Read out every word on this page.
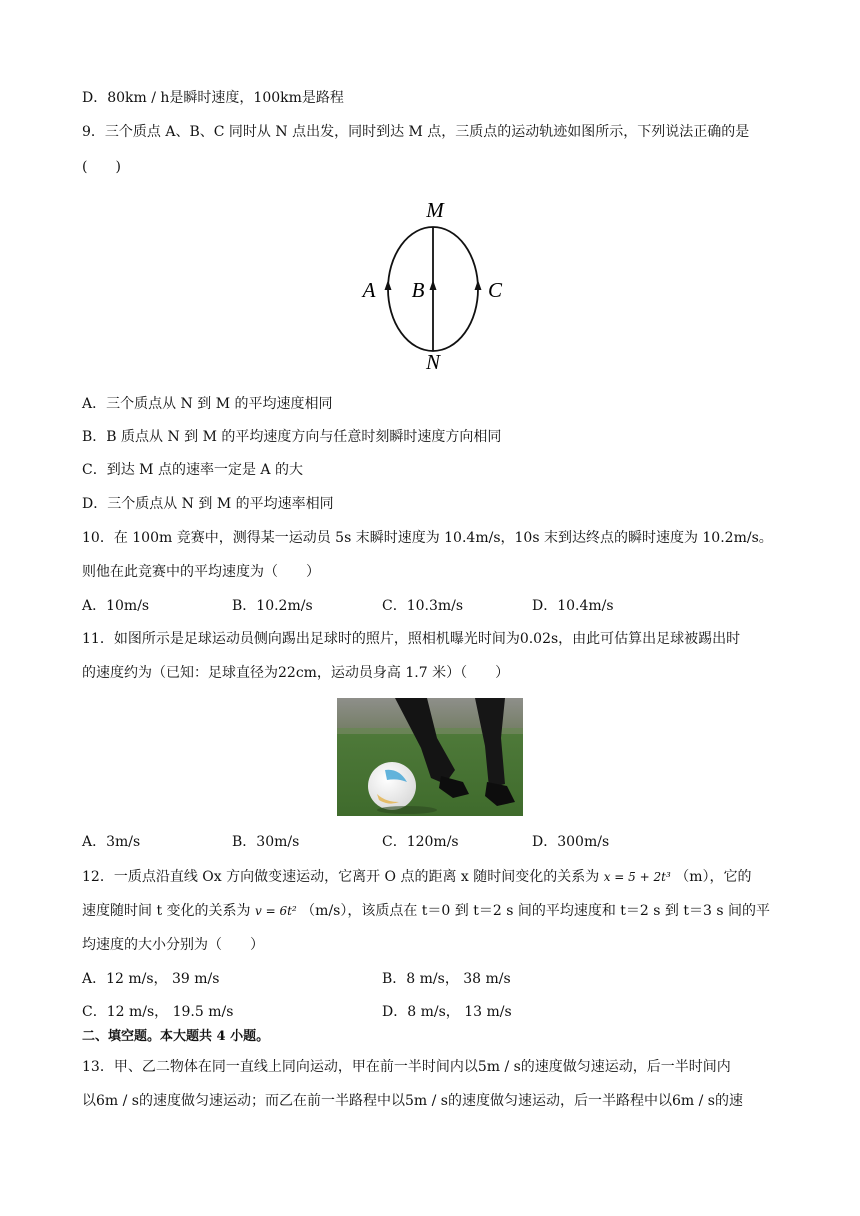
D．80km / h是瞬时速度，100km是路程
9．三个质点 A、B、C 同时从 N 点出发，同时到达 M 点，三质点的运动轨迹如图所示，下列说法正确的是
(　　)
M
N
A B	C
A．三个质点从 N 到 M 的平均速度相同
B．B 质点从 N 到 M 的平均速度方向与任意时刻瞬时速度方向相同
C．到达 M 点的速率一定是 A 的大
D．三个质点从 N 到 M 的平均速率相同
10．在 100m 竞赛中，测得某一运动员 5s 末瞬时速度为 10.4m/s，10s 末到达终点的瞬时速度为 10.2m/s。
则他在此竞赛中的平均速度为（　　）
A．10m/s	B．10.2m/s	C．10.3m/s	D．10.4m/s
11．如图所示是足球运动员侧向踢出足球时的照片，照相机曝光时间为0.02s，由此可估算出足球被踢出时
的速度约为（已知：足球直径为22cm，运动员身高 1.7 米）（　　）
A．3m/s	B．30m/s	C．120m/s	D．300m/s
12．一质点沿直线 Ox 方向做变速运动，它离开 O 点的距离 x 随时间变化的关系为 x = 5 + 2t³ （m），它的
速度随时间 t 变化的关系为 v = 6t² （m/s），该质点在 t＝0 到 t＝2 s 间的平均速度和 t＝2 s 到 t＝3 s 间的平
均速度的大小分别为（　　）
A．12 m/s， 39 m/s	B．8 m/s， 38 m/s
C．12 m/s， 19.5 m/s	D．8 m/s， 13 m/s
二、填空题。本大题共 4 小题。
13．甲、乙二物体在同一直线上同向运动，甲在前一半时间内以5m / s的速度做匀速运动，后一半时间内
以6m / s的速度做匀速运动；而乙在前一半路程中以5m / s的速度做匀速运动，后一半路程中以6m / s的速
